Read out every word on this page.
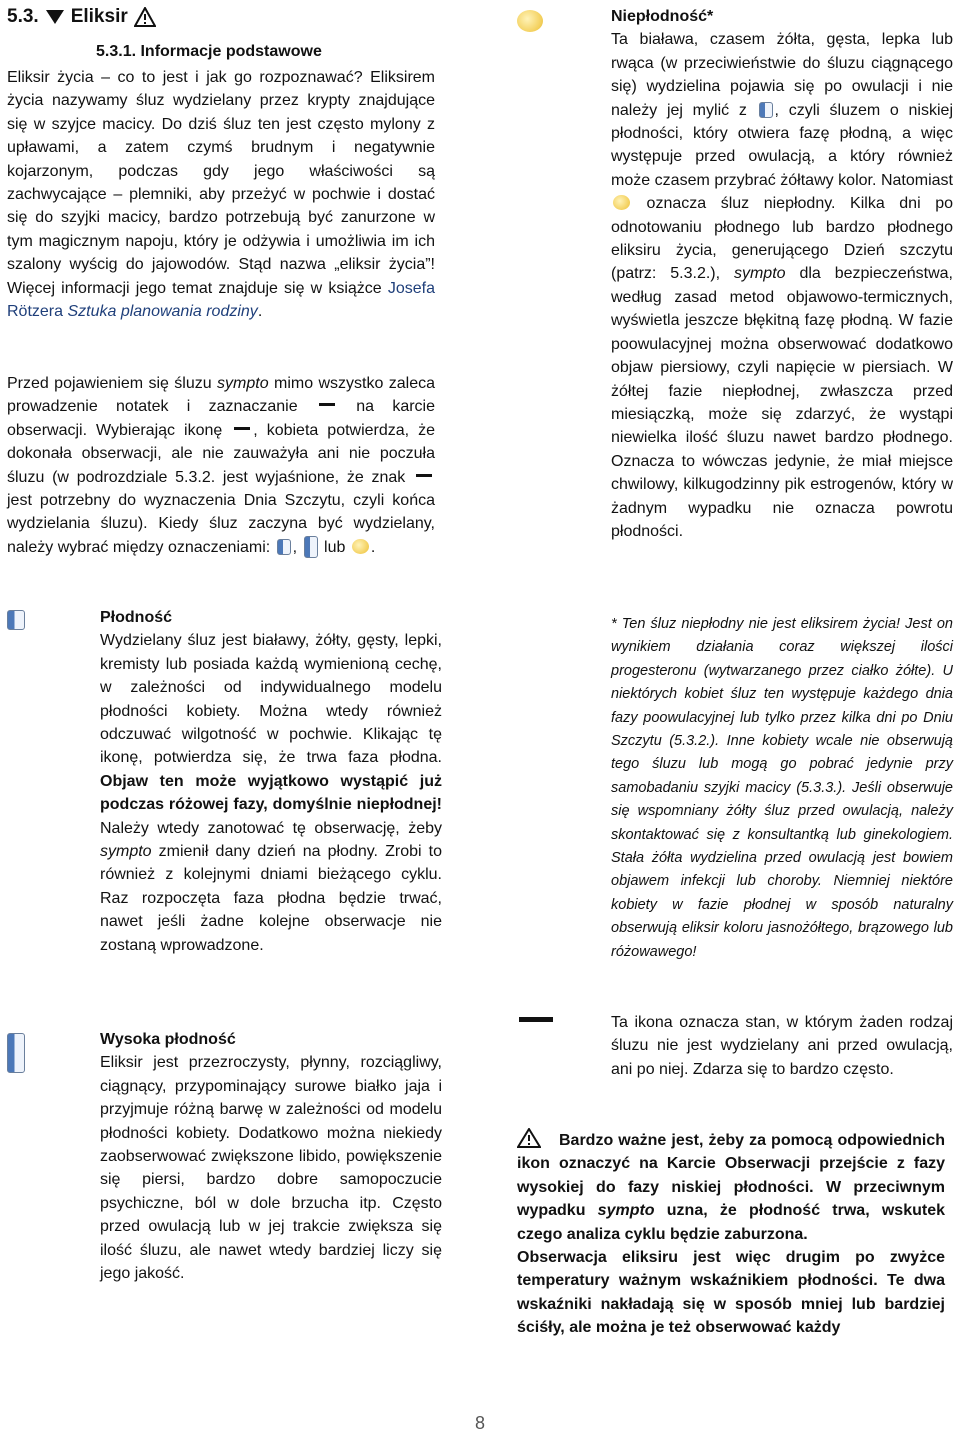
5.3. Eliksir
5.3.1. Informacje podstawowe
Eliksir życia – co to jest i jak go rozpoznawać? Eliksirem życia nazywamy śluz wydzielany przez krypty znajdujące się w szyjce macicy. Do dziś śluz ten jest często mylony z upławami, a zatem czymś brudnym i negatywnie kojarzonym, podczas gdy jego właściwości są zachwycające – plemniki, aby przeżyć w pochwie i dostać się do szyjki macicy, bardzo potrzebują być zanurzone w tym magicznym napoju, który je odżywia i umożliwia im ich szalony wyścig do jajowodów. Stąd nazwa „eliksir życia”! Więcej informacji jego temat znajduje się w książce Josefa Rötzera Sztuka planowania rodziny.
Przed pojawieniem się śluzu sympto mimo wszystko zaleca prowadzenie notatek i zaznaczanie  na karcie obserwacji. Wybierając ikonę , kobieta potwierdza, że dokonała obserwacji, ale nie zauważyła ani nie poczuła śluzu (w podrozdziale 5.3.2. jest wyjaśnione, że znak  jest potrzebny do wyznaczenia Dnia Szczytu, czyli końca wydzielania śluzu). Kiedy śluz zaczyna być wydzielany, należy wybrać między oznaczeniami: ,  lub .
Płodność

Wydzielany śluz jest białawy, żółty, gęsty, lepki, kremisty lub posiada każdą wymienioną cechę, w zależności od indywidualnego modelu płodności kobiety. Można wtedy również odczuwać wilgotność w pochwie. Klikając tę ikonę, potwierdza się, że trwa faza płodna. Objaw ten może wyjątkowo wystąpić już podczas różowej fazy, domyślnie niepłodnej! Należy wtedy zanotować tę obserwację, żeby sympto zmienił dany dzień na płodny. Zrobi to również z kolejnymi dniami bieżącego cyklu. Raz rozpoczęta faza płodna będzie trwać, nawet jeśli żadne kolejne obserwacje nie zostaną wprowadzone.

Wysoka płodność

Eliksir jest przezroczysty, płynny, rozciągliwy, ciągnący, przypominający surowe białko jaja i przyjmuje różną barwę w zależności od modelu płodności kobiety. Dodatkowo można niekiedy zaobserwować zwiększone libido, powiększenie się piersi, bardzo dobre samopoczucie psychiczne, ból w dole brzucha itp. Często przed owulacją lub w jej trakcie zwiększa się ilość śluzu, ale nawet wtedy bardziej liczy się jego jakość.

Niepłodność*

Ta biaława, czasem żółta, gęsta, lepka lub rwąca (w przeciwieństwie do śluzu ciągnącego się) wydzielina pojawia się po owulacji i nie należy jej mylić z , czyli śluzem o niskiej płodności, który otwiera fazę płodną, a więc występuje przed owulacją, a który również może czasem przybrać żółtawy kolor. Natomiast  oznacza śluz niepłodny. Kilka dni po odnotowaniu płodnego lub bardzo płodnego eliksiru życia, generującego Dzień szczytu (patrz: 5.3.2.), sympto dla bezpieczeństwa, według zasad metod objawowo-termicznych, wyświetla jeszcze błękitną fazę płodną. W fazie poowulacyjnej można obserwować dodatkowo objaw piersiowy, czyli napięcie w piersiach. W żółtej fazie niepłodnej, zwłaszcza przed miesiączką, może się zdarzyć, że wystąpi niewielka ilość śluzu nawet bardzo płodnego. Oznacza to wówczas jedynie, że miał miejsce chwilowy, kilkugodzinny pik estrogenów, który w żadnym wypadku nie oznacza powrotu płodności.

* Ten śluz niepłodny nie jest eliksirem życia! Jest on wynikiem działania coraz większej ilości progesteronu (wytwarzanego przez ciałko żółte). U niektórych kobiet śluz ten występuje każdego dnia fazy poowulacyjnej lub tylko przez kilka dni po Dniu Szczytu (5.3.2.). Inne kobiety wcale nie obserwują tego śluzu lub mogą go pobrać jedynie przy samobadaniu szyjki macicy (5.3.3.). Jeśli obserwuje się wspomniany żółty śluz przed owulacją, należy skontaktować się z konsultantką lub ginekologiem. Stała żółta wydzielina przed owulacją jest bowiem objawem infekcji lub choroby. Niemniej niektóre kobiety w fazie płodnej w sposób naturalny obserwują eliksir koloru jasnożółtego, brązowego lub różowawego!
Ta ikona oznacza stan, w którym żaden rodzaj śluzu nie jest wydzielany ani przed owulacją, ani po niej. Zdarza się to bardzo często.

Bardzo ważne jest, żeby za pomocą odpowiednich ikon oznaczyć na Karcie Obserwacji przejście z fazy wysokiej do fazy niskiej płodności. W przeciwnym wypadku sympto uzna, że płodność trwa, wskutek czego analiza cyklu będzie zaburzona.

Obserwacja eliksiru jest więc drugim po zwyżce temperatury ważnym wskaźnikiem płodności. Te dwa wskaźniki nakładają się w sposób mniej lub bardziej ściśły, ale można je też obserwować każdy

8
